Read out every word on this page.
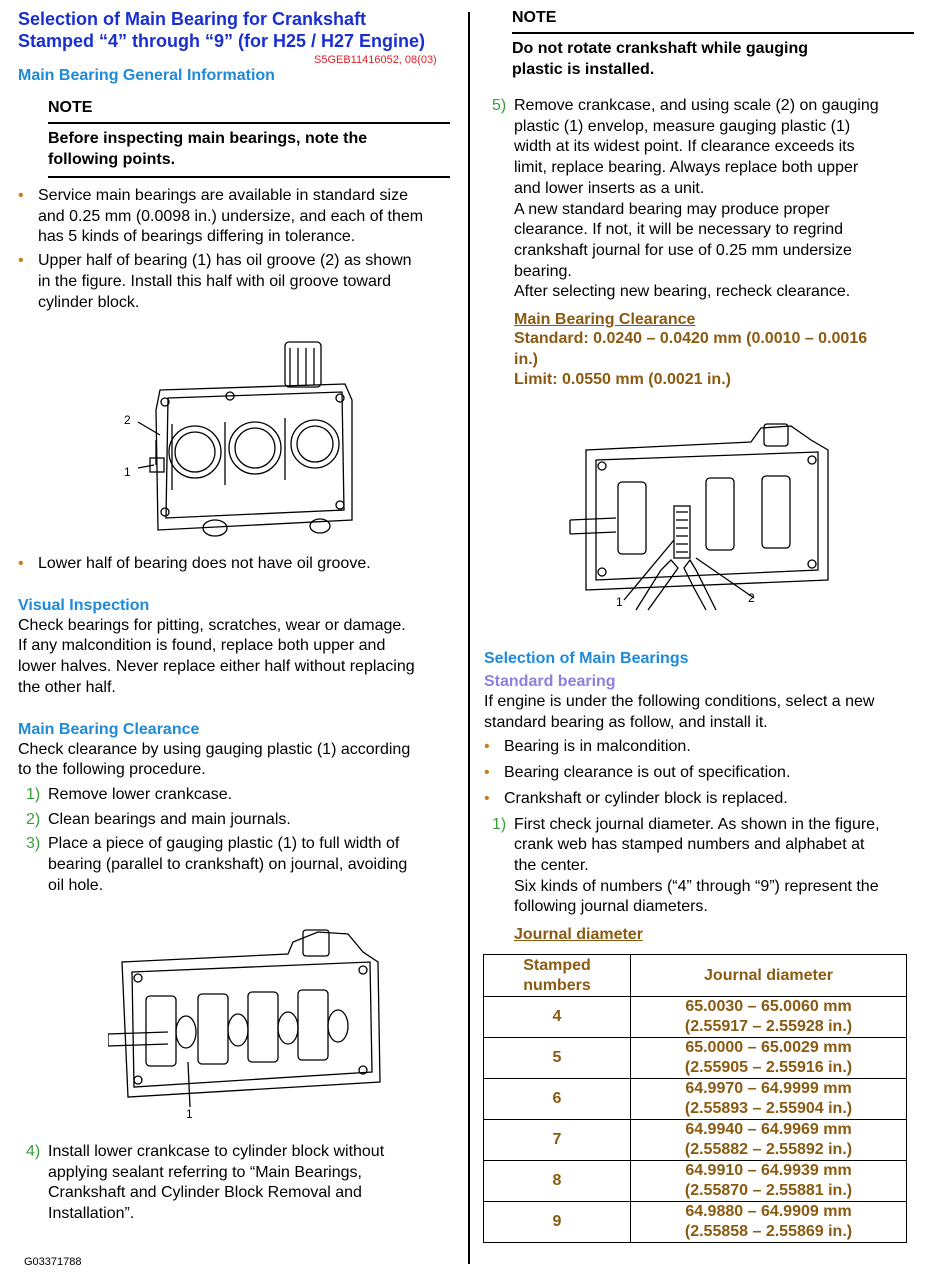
Selection of Main Bearing for Crankshaft
Stamped “4” through “9” (for H25 / H27 Engine)
S5GEB11416052, 08(03)
Main Bearing General Information
NOTE
Before inspecting main bearings, note the
following points.
• Service main bearings are available in standard size
and 0.25 mm (0.0098 in.) undersize, and each of them
has 5 kinds of bearings differing in tolerance.
• Upper half of bearing (1) has oil groove (2) as shown
in the figure. Install this half with oil groove toward
cylinder block.
2
1
• Lower half of bearing does not have oil groove.
Visual Inspection
Check bearings for pitting, scratches, wear or damage.
If any malcondition is found, replace both upper and
lower halves. Never replace either half without replacing
the other half.
Main Bearing Clearance
Check clearance by using gauging plastic (1) according
to the following procedure.
1) Remove lower crankcase.
2) Clean bearings and main journals.
3) Place a piece of gauging plastic (1) to full width of
bearing (parallel to crankshaft) on journal, avoiding
oil hole.
1
4) Install lower crankcase to cylinder block without
applying sealant referring to “Main Bearings,
Crankshaft and Cylinder Block Removal and
Installation”.
NOTE
Do not rotate crankshaft while gauging
plastic is installed.
5) Remove crankcase, and using scale (2) on gauging
plastic (1) envelop, measure gauging plastic (1)
width at its widest point. If clearance exceeds its
limit, replace bearing. Always replace both upper
and lower inserts as a unit.
A new standard bearing may produce proper
clearance. If not, it will be necessary to regrind
crankshaft journal for use of 0.25 mm undersize
bearing.
After selecting new bearing, recheck clearance.
Main Bearing Clearance
Standard: 0.0240 – 0.0420 mm (0.0010 – 0.0016
in.)
Limit: 0.0550 mm (0.0021 in.)
1	2
Selection of Main Bearings
Standard bearing
If engine is under the following conditions, select a new
standard bearing as follow, and install it.
• Bearing is in malcondition.
• Bearing clearance is out of specification.
• Crankshaft or cylinder block is replaced.
1) First check journal diameter. As shown in the figure,
crank web has stamped numbers and alphabet at
the center.
Six kinds of numbers (“4” through “9”) represent the
following journal diameters.
Journal diameter
Stamped
numbers	Journal diameter
4	65.0030 – 65.0060 mm
(2.55917 – 2.55928 in.)

5	65.0000 – 65.0029 mm
(2.55905 – 2.55916 in.)

6	64.9970 – 64.9999 mm
(2.55893 – 2.55904 in.)

7	64.9940 – 64.9969 mm
(2.55882 – 2.55892 in.)

8	64.9910 – 64.9939 mm
(2.55870 – 2.55881 in.)

9	64.9880 – 64.9909 mm
(2.55858 – 2.55869 in.)
G03371788
